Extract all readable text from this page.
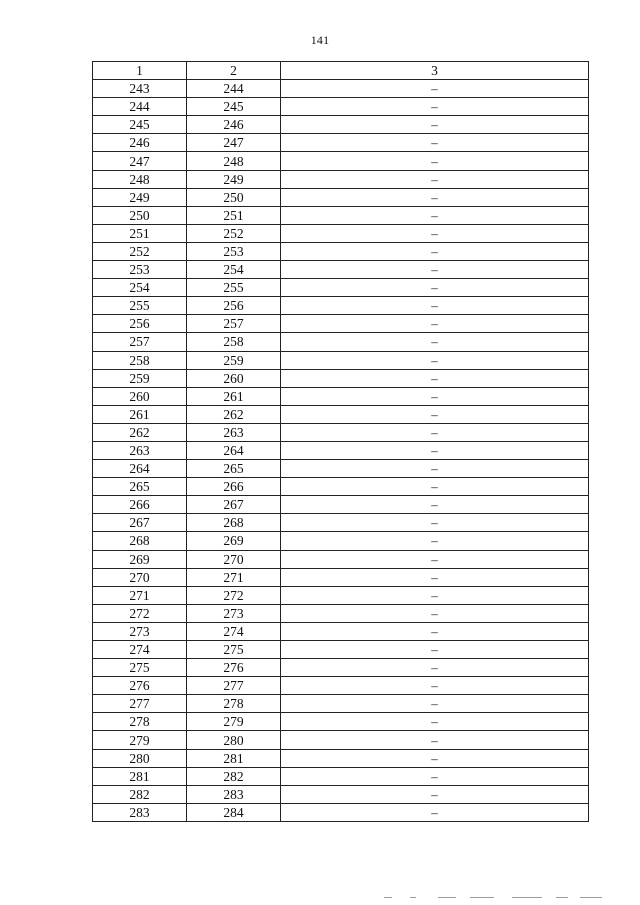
141
1	2	3
243	244	–
244	245	–
245	246	–
246	247	–
247	248	–
248	249	–
249	250	–
250	251	–
251	252	–
252	253	–
253	254	–
254	255	–
255	256	–
256	257	–
257	258	–
258	259	–
259	260	–
260	261	–
261	262	–
262	263	–
263	264	–
264	265	–
265	266	–
266	267	–
267	268	–
268	269	–
269	270	–
270	271	–
271	272	–
272	273	–
273	274	–
274	275	–
275	276	–
276	277	–
277	278	–
278	279	–
279	280	–
280	281	–
281	282	–
282	283	–
283	284	–
